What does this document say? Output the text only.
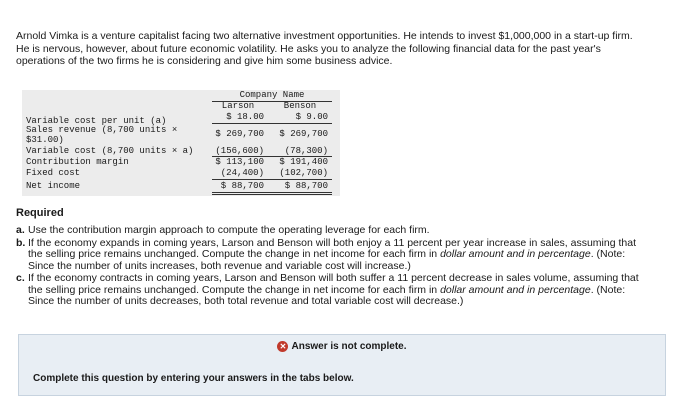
Arnold Vimka is a venture capitalist facing two alternative investment opportunities. He intends to invest $1,000,000 in a start-up firm.
He is nervous, however, about future economic volatility. He asks you to analyze the following financial data for the past year's
operations of the two firms he is considering and give him some business advice.
Company Name
Larson	Benson
Variable cost per unit (a)	$ 18.00	$ 9.00
Sales revenue (8,700 units ×
$31.00)
$ 269,700	$ 269,700
Variable cost (8,700 units × a)	(156,600)	(78,300)
Contribution margin	$ 113,100	$ 191,400
Fixed cost	(24,400)	(102,700)
Net income	$ 88,700	$ 88,700
Required
a. Use the contribution margin approach to compute the operating leverage for each firm.
b. If the economy expands in coming years, Larson and Benson will both enjoy a 11 percent per year increase in sales, assuming that
the selling price remains unchanged. Compute the change in net income for each firm in dollar amount and in percentage. (Note:
Since the number of units increases, both revenue and variable cost will increase.)
c. If the economy contracts in coming years, Larson and Benson will both suffer a 11 percent decrease in sales volume, assuming that
the selling price remains unchanged. Compute the change in net income for each firm in dollar amount and in percentage. (Note:
Since the number of units decreases, both total revenue and total variable cost will decrease.)
✕ Answer is not complete.
Complete this question by entering your answers in the tabs below.
